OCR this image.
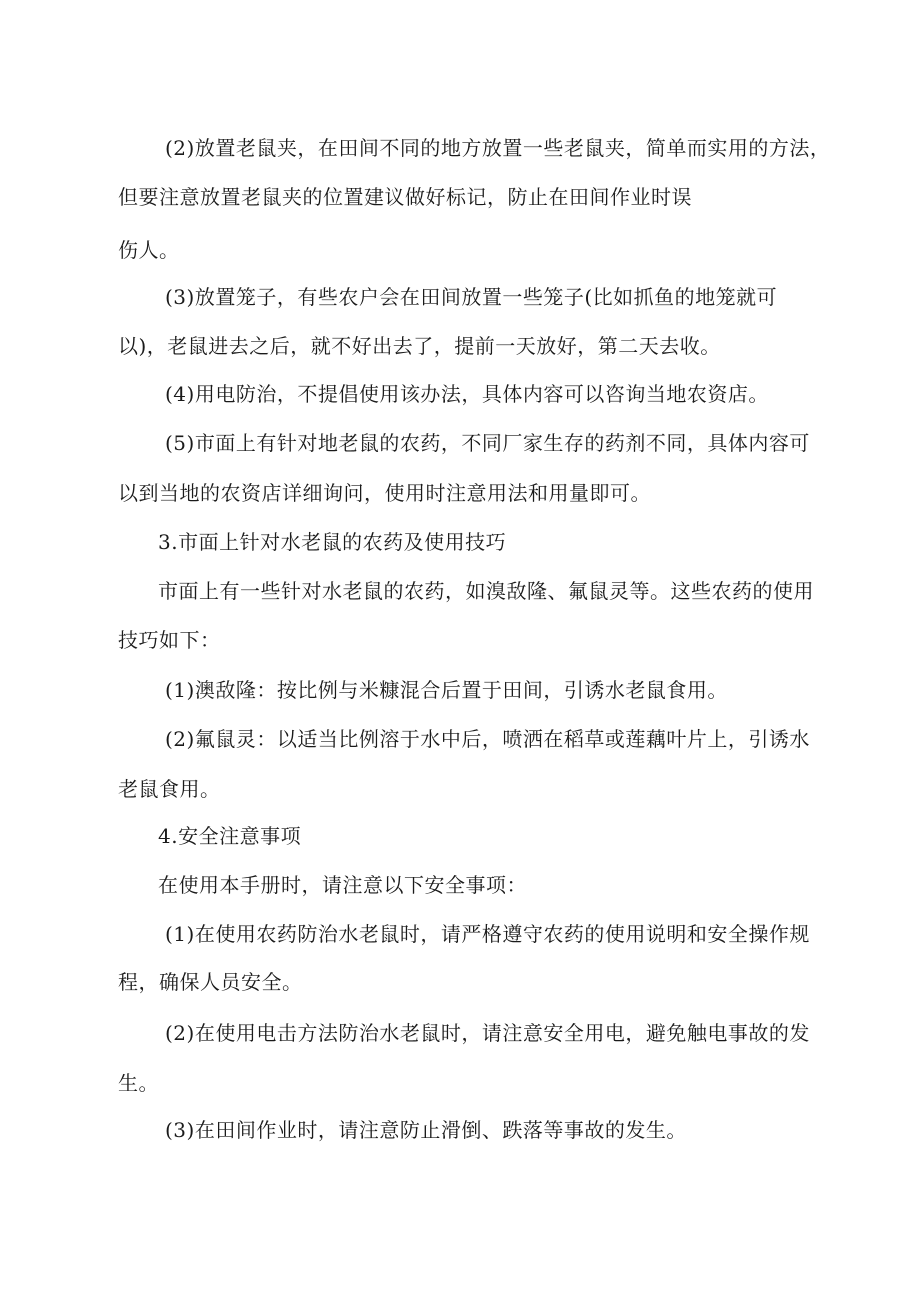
(2)放置老鼠夹，在田间不同的地方放置一些老鼠夹，简单而实用的方法，
但要注意放置老鼠夹的位置建议做好标记，防止在田间作业时误
伤人。
(3)放置笼子，有些农户会在田间放置一些笼子(比如抓鱼的地笼就可
以)，老鼠进去之后，就不好出去了，提前一天放好，第二天去收。
(4)用电防治，不提倡使用该办法，具体内容可以咨询当地农资店。
(5)市面上有针对地老鼠的农药，不同厂家生存的药剂不同，具体内容可
以到当地的农资店详细询问，使用时注意用法和用量即可。
3.市面上针对水老鼠的农药及使用技巧
市面上有一些针对水老鼠的农药，如溴敌隆、氟鼠灵等。这些农药的使用
技巧如下：
(1)澳敌隆：按比例与米糠混合后置于田间，引诱水老鼠食用。
(2)氟鼠灵：以适当比例溶于水中后，喷洒在稻草或莲藕叶片上，引诱水
老鼠食用。
4.安全注意事项
在使用本手册时，请注意以下安全事项：
(1)在使用农药防治水老鼠时，请严格遵守农药的使用说明和安全操作规
程，确保人员安全。
(2)在使用电击方法防治水老鼠时，请注意安全用电，避免触电事故的发
生。
(3)在田间作业时，请注意防止滑倒、跌落等事故的发生。
